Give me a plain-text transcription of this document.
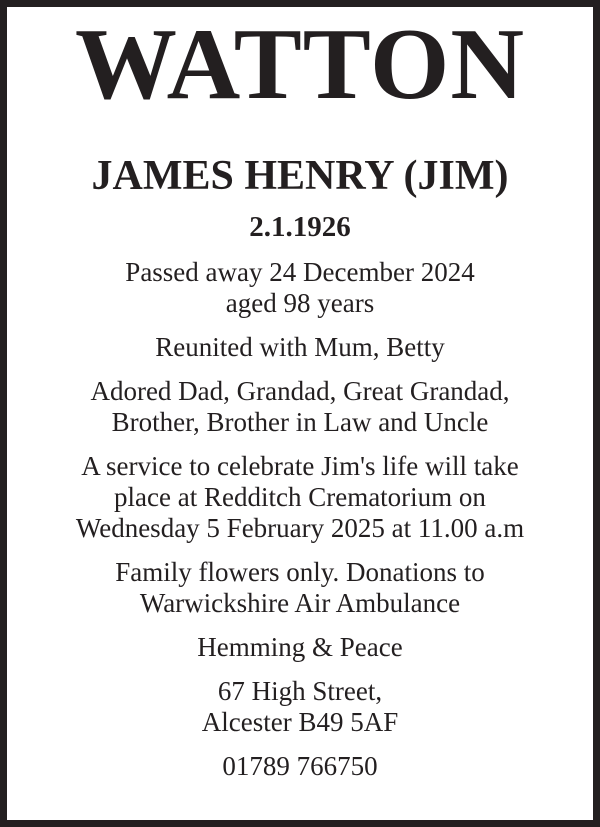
WATTON
JAMES HENRY (JIM)
2.1.1926
Passed away 24 December 2024
aged 98 years
Reunited with Mum, Betty
Adored Dad, Grandad, Great Grandad,
Brother, Brother in Law and Uncle
A service to celebrate Jim's life will take
place at Redditch Crematorium on
Wednesday 5 February 2025 at 11.00 a.m
Family flowers only. Donations to
Warwickshire Air Ambulance
Hemming & Peace
67 High Street,
Alcester B49 5AF
01789 766750
